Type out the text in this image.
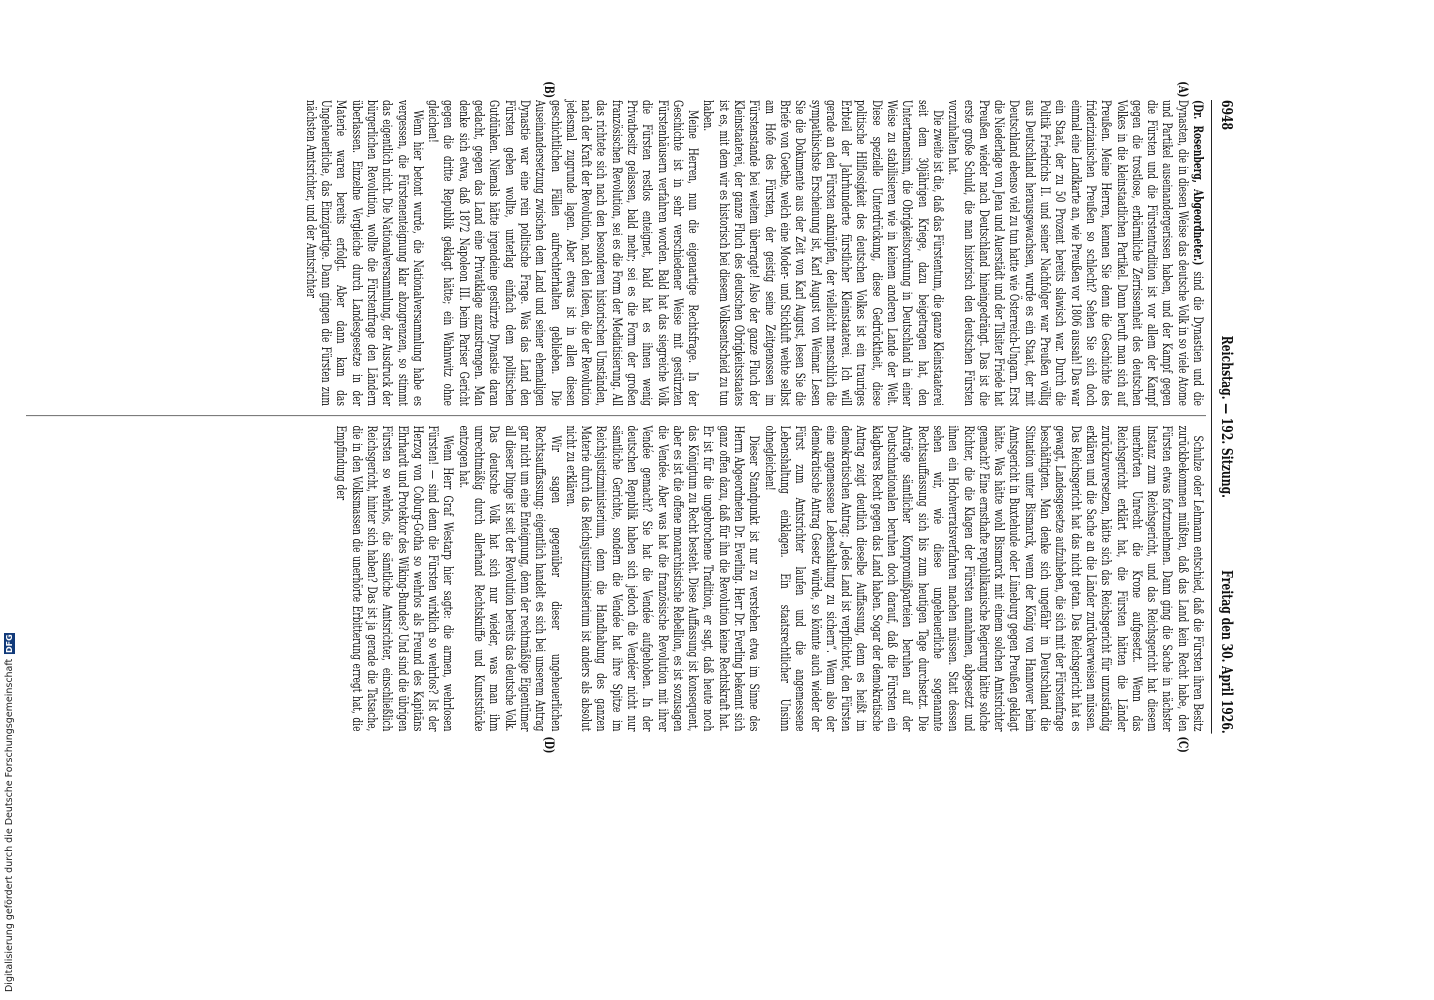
6948
Reichstag. — 192. Sitzung.
Freitag den 30. April 1926.

(Dr. Rosenberg, Abgeordneter.) sind die Dynastien und die Dynasten, die in diesen Weise das deutsche Volk in so viele Atome und Partikel auseinandergerissen haben, und der Kampf gegen die Fürsten und die Fürstentradition ist vor allem der Kampf gegen die trostlose, erbärmliche Zerrissenheit des deutschen Volkes in die kleinstaatlichen Partikel. Dann beruft man sich auf Preußen. Meine Herren, kennen Sie denn die Geschichte des friderizianischen Preußen so schlecht? Sehen Sie sich doch einmal eine Landkarte an, wie Preußen vor 1806 aussah! Das war ein Staat, der zu 50 Prozent bereits slawisch war. Durch die Politik Friedrichs II. und seiner Nachfolger war Preußen völlig aus Deutschland herausgewachsen, wurde es ein Staat, der mit Deutschland ebenso viel zu tun hatte wie Österreich-Ungarn. Erst die Niederlage von Jena und Auerstädt und der Tilsiter Friede hat Preußen wieder nach Deutschland hineingedrängt. Das ist die erste große Schuld, die man historisch den deutschen Fürsten vorzuhalten hat.

Die zweite ist die, daß das Fürstentum, die ganze Kleinstaaterei seit dem 30jährigen Kriege, dazu beigetragen hat, den Untertanensinn, die Obrigkeitsordnung in Deutschland in einer Weise zu stabilisieren wie in keinem anderen Lande der Welt. Diese spezielle Unterdrückung, diese Gedrücktheit, diese politische Hilflosigkeit des deutschen Volkes ist ein trauriges Erbteil der Jahrhunderte fürstlicher Kleinstaaterei. Ich will gerade an den Fürsten anknüpfen, der vielleicht menschlich die sympathischste Erscheinung ist, Karl August von Weimar. Lesen Sie die Dokumente aus der Zeit von Karl August, lesen Sie die Briefe von Goethe, welch eine Moder- und Stickluft wehte selbst am Hofe des Fürsten, der geistig seine Zeitgenossen im Fürstenstande bei weitem überragte! Also der ganze Fluch der Kleinstaaterei, der ganze Fluch des deutschen Obrigkeitsstaates ist es, mit dem wir es historisch bei diesem Volksentscheid zu tun haben.

Meine Herren, nun die eigenartige Rechtsfrage. In der Geschichte ist in sehr verschiedener Weise mit gestürzten Fürstenhäusern verfahren worden. Bald hat das siegreiche Volk die Fürsten restlos enteignet, bald hat es ihnen wenig Privatbesitz gelassen, bald mehr; sei es die Form der großen französischen Revolution, sei es die Form der Mediatisierung. All das richtete sich nach den besonderen historischen Umständen, nach der Kraft der Revolution, nach den Ideen, die der Revolution jedesmal zugrunde lagen. Aber etwas ist in allen diesen geschichtlichen Fällen aufrechterhalten geblieben. Die Auseinandersetzung zwischen dem Land und seiner ehemaligen Dynastie war eine rein politische Frage. Was das Land den Fürsten geben wollte, unterlag einfach dem politischen Gutdünken. Niemals hätte irgendeine gestürzte Dynastie daran gedacht, gegen das Land eine Privatklage anzustrengen. Man denke sich etwa, daß 1872 Napoleon III. beim Pariser Gericht gegen die dritte Republik geklagt hätte; ein Wahnwitz ohne gleichen!

Wenn hier betont wurde, die Nationalversammlung habe es vergessen, die Fürstenenteignung klar abzugrenzen, so stimmt das eigentlich nicht. Die Nationalversammlung, der Ausdruck der bürgerlichen Revolution, wollte die Fürstenfrage den Ländern überlassen. Einzelne Vergleiche durch Landesgesetze in der Materie waren bereits erfolgt. Aber dann kam das Ungeheuerliche, das Einzigartige. Dann gingen die Fürsten zum nächsten Amtsrichter, und der Amtsrichter

Schulze oder Lehmann entschied, daß die Fürsten ihren Besitz zurückbekommen müßten, daß das Land kein Recht habe, den Fürsten etwas fortzunehmen. Dann ging die Sache in nächster Instanz zum Reichsgericht, und das Reichsgericht hat diesem unerhörten Unrecht die Krone aufgesetzt. Wenn das Reichsgericht erklärt hat, die Fürsten hätten die Länder zurückzuversetzen, hätte sich das Reichsgericht für unzuständig erklären und die Sache an die Länder zurückverweisen müssen. Das Reichsgericht hat das nicht getan. Das Reichsgericht hat es gewagt, Landesgesetze aufzuheben, die sich mit der Fürstenfrage beschäftigten. Man denke sich ungefähr in Deutschland die Situation unter Bismarck, wenn der König von Hannover beim Amtsgericht in Buxtehude oder Lüneburg gegen Preußen geklagt hätte. Was hätte wohl Bismarck mit einem solchen Amtsrichter gemacht? Eine ernsthafte republikanische Regierung hätte solche Richter, die die Klagen der Fürsten annahmen, abgesetzt und ihnen ein Hochverratsverfahren machen müssen. Statt dessen sehen wir, wie diese ungeheuerliche sogenannte Rechtsauffassung sich bis zum heutigen Tage durchsetzt. Die Anträge sämtlicher Kompromißparteien beruhen auf der Deutschnationalen beruhen doch darauf, daß die Fürsten ein klagbares Recht gegen das Land haben. Sogar der demokratische Antrag zeigt deutlich dieselbe Auffassung, denn es heißt im demokratischen Antrag: „Jedes Land ist verpflichtet, den Fürsten eine angemessene Lebenshaltung zu sichern“. Wenn also der demokratische Antrag Gesetz würde, so könnte auch wieder der Fürst zum Amtsrichter laufen und die angemessene Lebenshaltung einklagen. Ein staatsrechtlicher Unsinn ohnegleichen!

Dieser Standpunkt ist nur zu verstehen etwa im Sinne des Herrn Abgeordneten Dr. Everling. Herr Dr. Everling bekennt sich ganz offen dazu, daß für ihn die Revolution keine Rechtskraft hat. Er ist für die ungebrochene Tradition, er sagt, daß heute noch das Königtum zu Recht besteht. Diese Auffassung ist konsequent, aber es ist die offene monarchistische Rebellion, es ist sozusagen die Vendée. Aber was hat die französische Revolution mit ihrer Vendée gemacht? Sie hat die Vendée aufgehoben. In der deutschen Republik haben sich jedoch die Vendéer nicht nur sämtliche Gerichte, sondern die Vendée hat ihre Spitze im Reichsjustizministerium, denn die Handhabung des ganzen Materie durch das Reichsjustizministerium ist anders als absolut nicht zu erklären.

Wir sagen gegenüber dieser ungeheuerlichen Rechtsauffassung: eigentlich handelt es sich bei unserem Antrag gar nicht um eine Enteignung, denn der rechtmäßige Eigentümer all dieser Dinge ist seit der Revolution bereits das deutsche Volk. Das deutsche Volk hat sich nur wieder, was man ihm unrechtmäßig durch allerhand Rechtskniffe und Kunststücke entzogen hat.

Wenn Herr Graf Westarp hier sagte: die armen, wehrlosen Fürsten! — sind denn die Fürsten wirklich so wehrlos? Ist der Herzog von Coburg-Gotha so wehrlos als Freund des Kapitäns Ehrhardt und Protektor des Wiking-Bundes? Und sind die übrigen Fürsten so wehrlos, die sämtliche Amtsrichter, einschließlich Reichsgericht, hinter sich haben? Das ist ja gerade die Tatsache, die in den Volksmassen die unerhörte Erbitterung erregt hat, die Empfindung der

(A)
(B)
(C)
(D)
Digitalisierung gefördert durch die Deutsche Forschungsgemeinschaft DFG
